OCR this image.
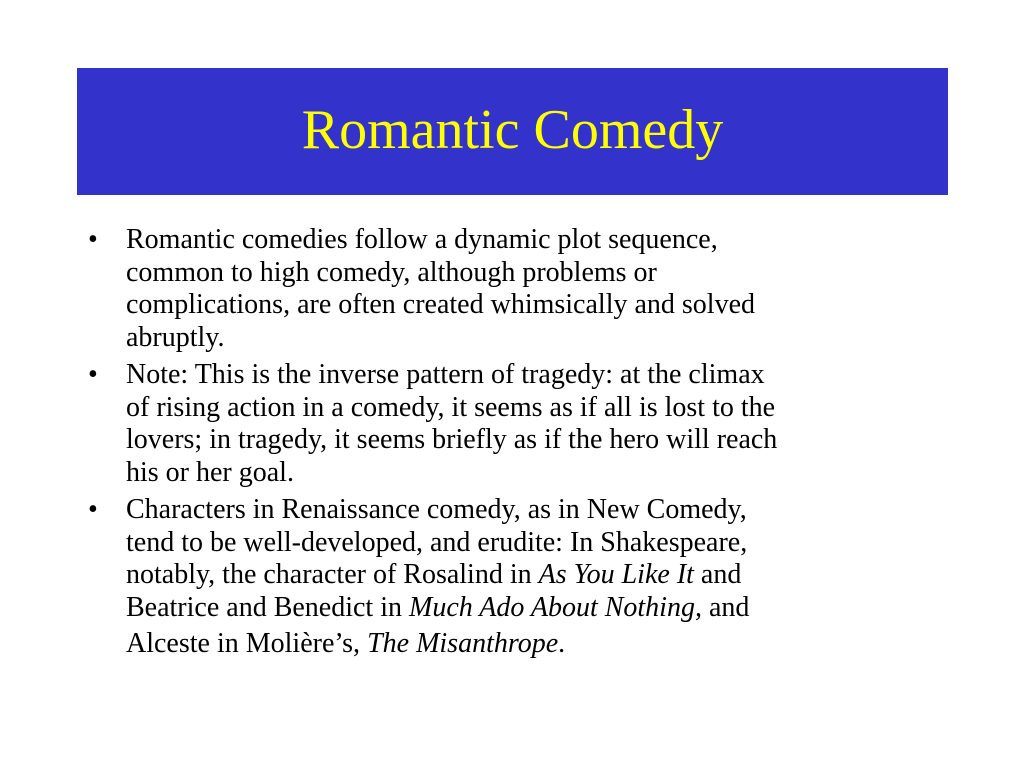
Romantic Comedy
•	Romantic comedies follow a dynamic plot sequence,
common to high comedy, although problems or
complications, are often created whimsically and solved
abruptly.
•	Note: This is the inverse pattern of tragedy: at the climax
of rising action in a comedy, it seems as if all is lost to the
lovers; in tragedy, it seems briefly as if the hero will reach
his or her goal.
•	Characters in Renaissance comedy, as in New Comedy,
tend to be well-developed, and erudite: In Shakespeare,
notably, the character of Rosalind in As You Like It and
Beatrice and Benedict in Much Ado About Nothing, and
Alceste in Molière’s, The Misanthrope.
